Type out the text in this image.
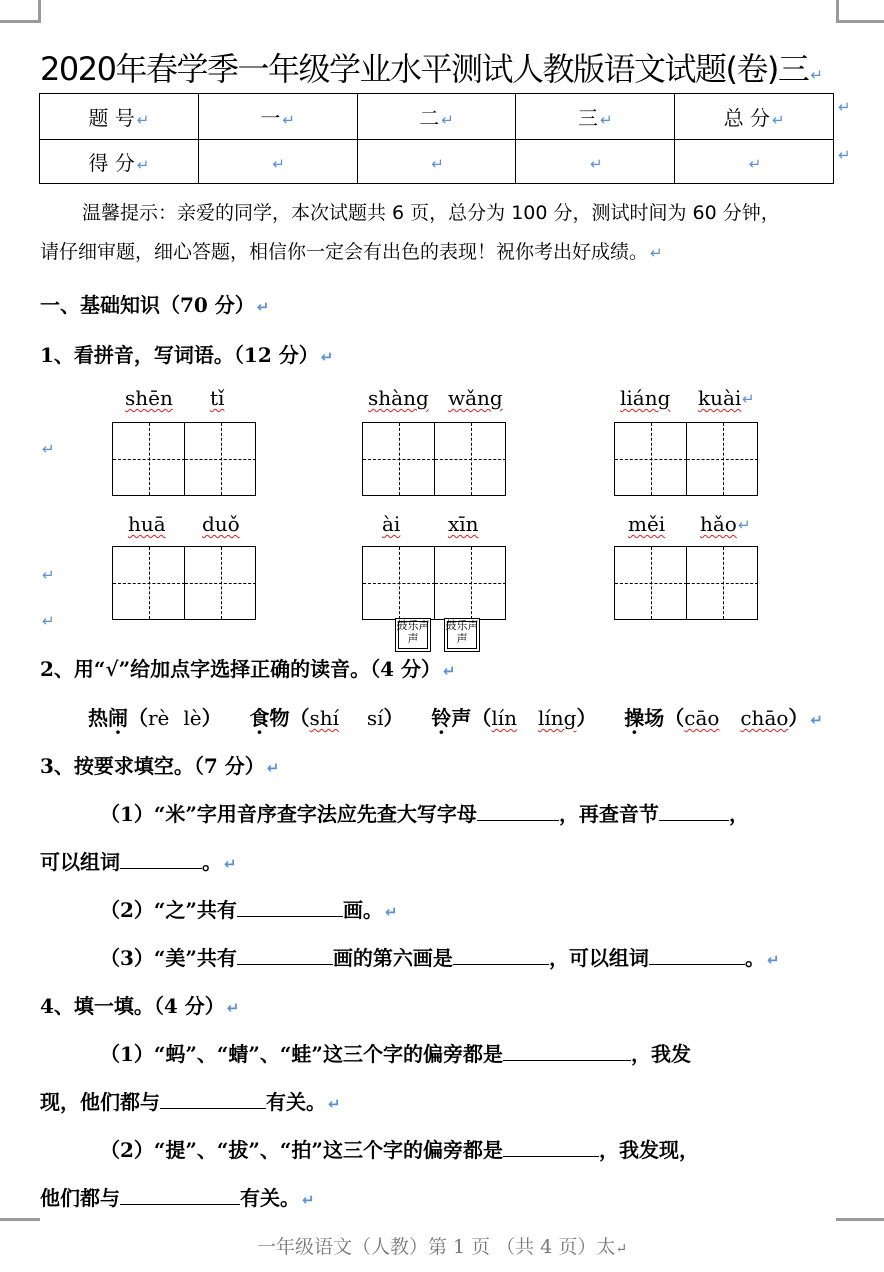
2020年春学季一年级学业水平测试人教版语文试题(卷)三 ↵
题 号 ↵	一 ↵	二 ↵	三 ↵	总 分 ↵
得 分 ↵	↵	↵	↵	↵
↵
↵
温馨提示：亲爱的同学，本次试题共 6 页，总分为 100 分，测试时间为 60 分钟，
请仔细审题，细心答题，相信你一定会有出色的表现！祝你考出好成绩。 ↵
一、基础知识（70 分） ↵
1、看拼音，写词语。（12 分） ↵
shēn tǐ	shàng wǎng	liáng kuài ↵
↵
huā duǒ	ài xīn	měi hǎo ↵
↵
↵	鼓乐声声
鼓乐声声
2、用“√”给加点字选择正确的读音。（4 分） ↵
热闹（rè lè） 食物（shí sí） 铃声（lín líng） 操场（cāo chāo） ↵
3、按要求填空。（7 分） ↵
（1）“米”字用音序查字法应先查大写字母	，再查音节	，
可以组词	。 ↵
（2）“之”共有	画。 ↵
（3）“美”共有	画的第六画是	，可以组词	。 ↵
4、填一填。（4 分） ↵
（1）“蚂”、“蜻”、“蛙”这三个字的偏旁都是	，我发
现，他们都与	有关。 ↵
（2）“提”、“拔”、“拍”这三个字的偏旁都是	，我发现，
他们都与	有关。 ↵
一年级语文（人教）第 1 页 （共 4 页）太↵
